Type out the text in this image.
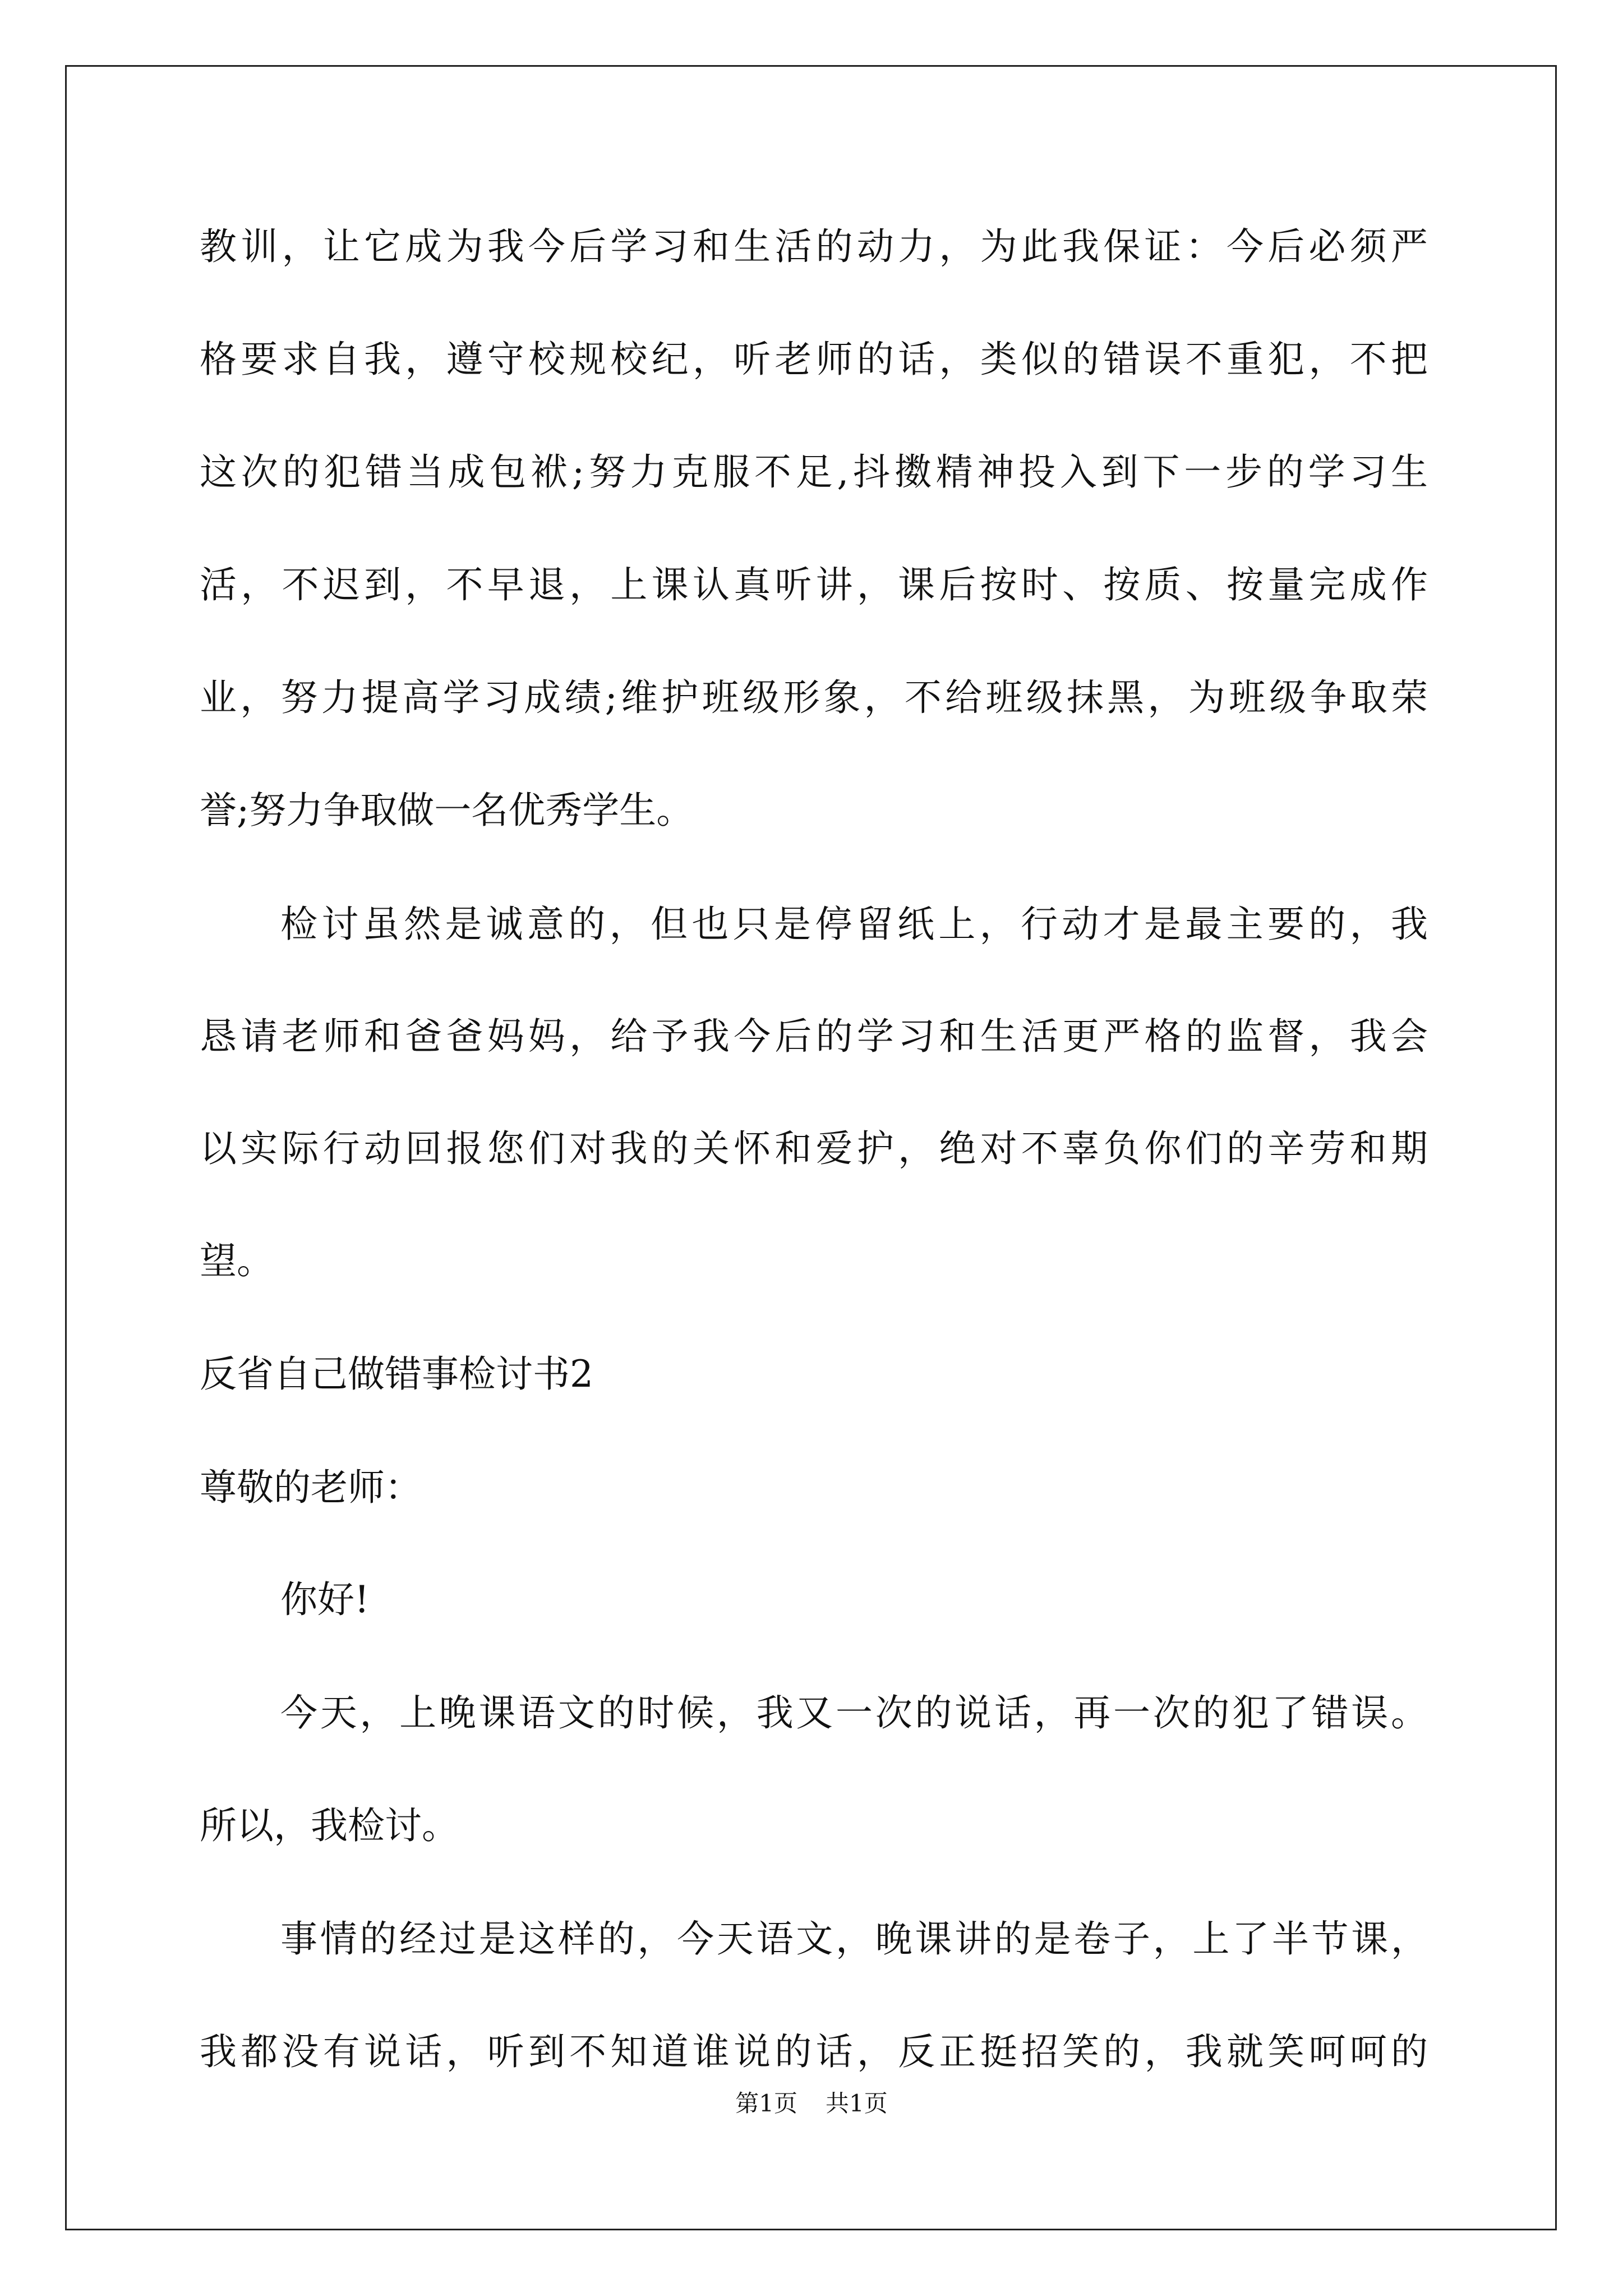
教训，让它成为我今后学习和生活的动力，为此我保证：今后必须严
格要求自我，遵守校规校纪，听老师的话，类似的错误不重犯，不把
这次的犯错当成包袱;努力克服不足,抖擞精神投入到下一步的学习生
活，不迟到，不早退，上课认真听讲，课后按时、按质、按量完成作
业，努力提高学习成绩;维护班级形象，不给班级抹黑，为班级争取荣
誉;努力争取做一名优秀学生。
检讨虽然是诚意的，但也只是停留纸上，行动才是最主要的，我
恳请老师和爸爸妈妈，给予我今后的学习和生活更严格的监督，我会
以实际行动回报您们对我的关怀和爱护，绝对不辜负你们的辛劳和期
望。
反省自己做错事检讨书2
尊敬的老师：
你好!
今天，上晚课语文的时候，我又一次的说话，再一次的犯了错误。
所以，我检讨。
事情的经过是这样的，今天语文，晚课讲的是卷子，上了半节课，
我都没有说话，听到不知道谁说的话，反正挺招笑的，我就笑呵呵的
第1页 共1页
